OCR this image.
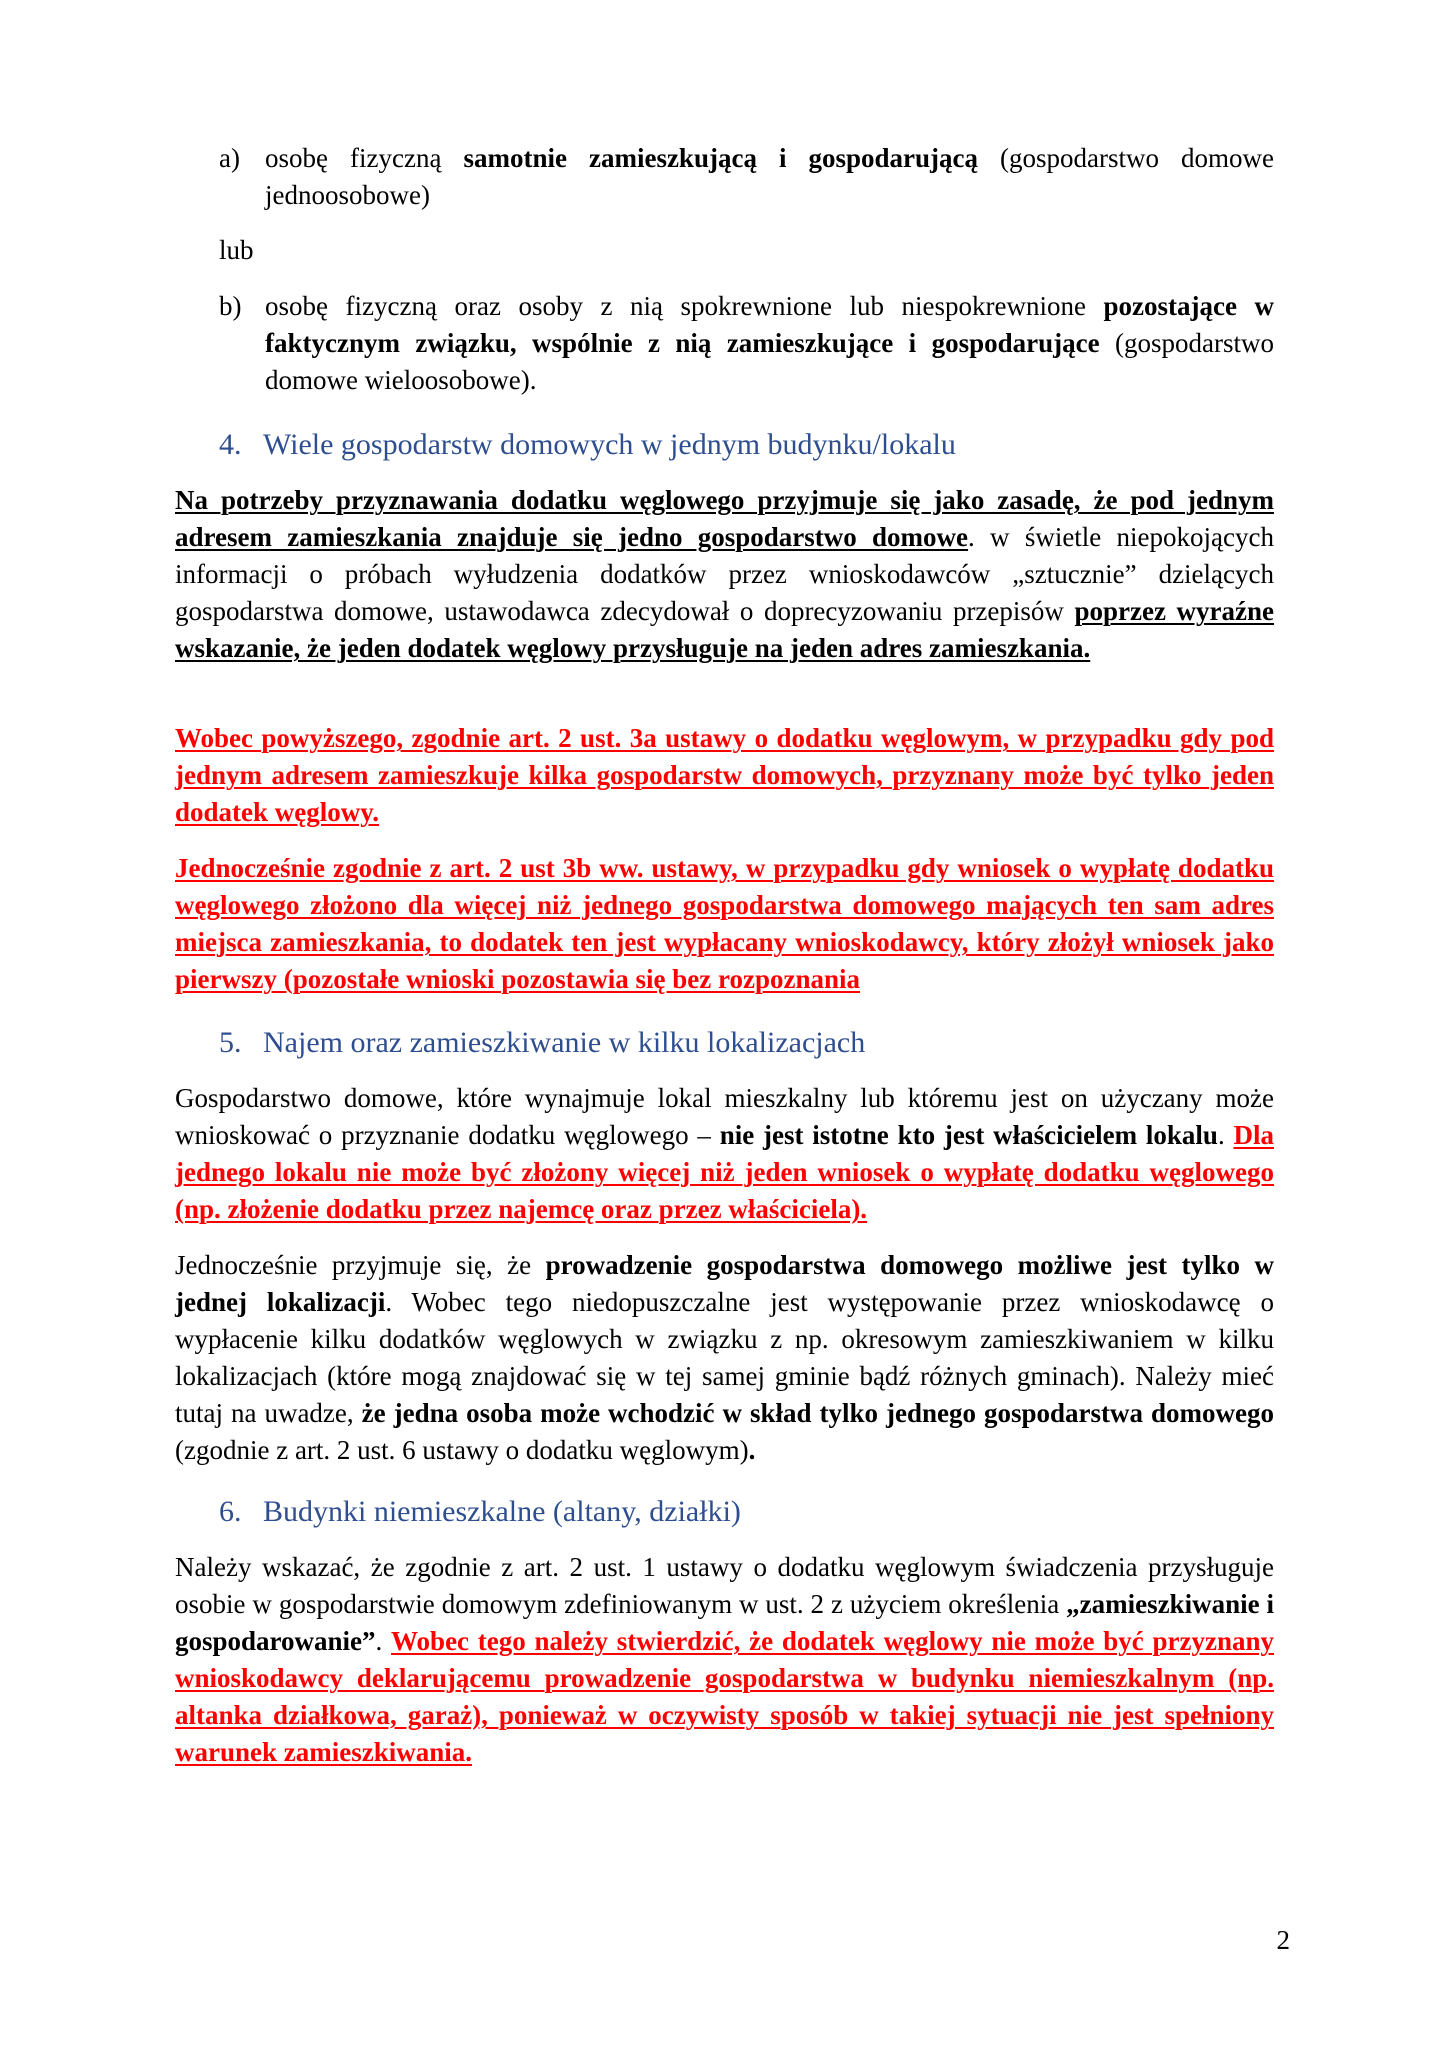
a) osobę fizyczną samotnie zamieszkującą i gospodarującą (gospodarstwo domowe jednoosobowe)
lub
b) osobę fizyczną oraz osoby z nią spokrewnione lub niespokrewnione pozostające w faktycznym związku, wspólnie z nią zamieszkujące i gospodarujące (gospodarstwo domowe wieloosobowe).
4. Wiele gospodarstw domowych w jednym budynku/lokalu
Na potrzeby przyznawania dodatku węglowego przyjmuje się jako zasadę, że pod jednym adresem zamieszkania znajduje się jedno gospodarstwo domowe. w świetle niepokojących informacji o próbach wyłudzenia dodatków przez wnioskodawców „sztucznie” dzielących gospodarstwa domowe, ustawodawca zdecydował o doprecyzowaniu przepisów poprzez wyraźne wskazanie, że jeden dodatek węglowy przysługuje na jeden adres zamieszkania.
Wobec powyższego, zgodnie art. 2 ust. 3a ustawy o dodatku węglowym, w przypadku gdy pod jednym adresem zamieszkuje kilka gospodarstw domowych, przyznany może być tylko jeden dodatek węglowy.
Jednocześnie zgodnie z art. 2 ust 3b ww. ustawy, w przypadku gdy wniosek o wypłatę dodatku węglowego złożono dla więcej niż jednego gospodarstwa domowego mających ten sam adres miejsca zamieszkania, to dodatek ten jest wypłacany wnioskodawcy, który złożył wniosek jako pierwszy (pozostałe wnioski pozostawia się bez rozpoznania
5. Najem oraz zamieszkiwanie w kilku lokalizacjach
Gospodarstwo domowe, które wynajmuje lokal mieszkalny lub któremu jest on użyczany może wnioskować o przyznanie dodatku węglowego – nie jest istotne kto jest właścicielem lokalu. Dla jednego lokalu nie może być złożony więcej niż jeden wniosek o wypłatę dodatku węglowego (np. złożenie dodatku przez najemcę oraz przez właściciela).
Jednocześnie przyjmuje się, że prowadzenie gospodarstwa domowego możliwe jest tylko w jednej lokalizacji. Wobec tego niedopuszczalne jest występowanie przez wnioskodawcę o wypłacenie kilku dodatków węglowych w związku z np. okresowym zamieszkiwaniem w kilku lokalizacjach (które mogą znajdować się w tej samej gminie bądź różnych gminach). Należy mieć tutaj na uwadze, że jedna osoba może wchodzić w skład tylko jednego gospodarstwa domowego (zgodnie z art. 2 ust. 6 ustawy o dodatku węglowym).
6. Budynki niemieszkalne (altany, działki)
Należy wskazać, że zgodnie z art. 2 ust. 1 ustawy o dodatku węglowym świadczenia przysługuje osobie w gospodarstwie domowym zdefiniowanym w ust. 2 z użyciem określenia „zamieszkiwanie i gospodarowanie”. Wobec tego należy stwierdzić, że dodatek węglowy nie może być przyznany wnioskodawcy deklarującemu prowadzenie gospodarstwa w budynku niemieszkalnym (np. altanka działkowa, garaż), ponieważ w oczywisty sposób w takiej sytuacji nie jest spełniony warunek zamieszkiwania.
2
